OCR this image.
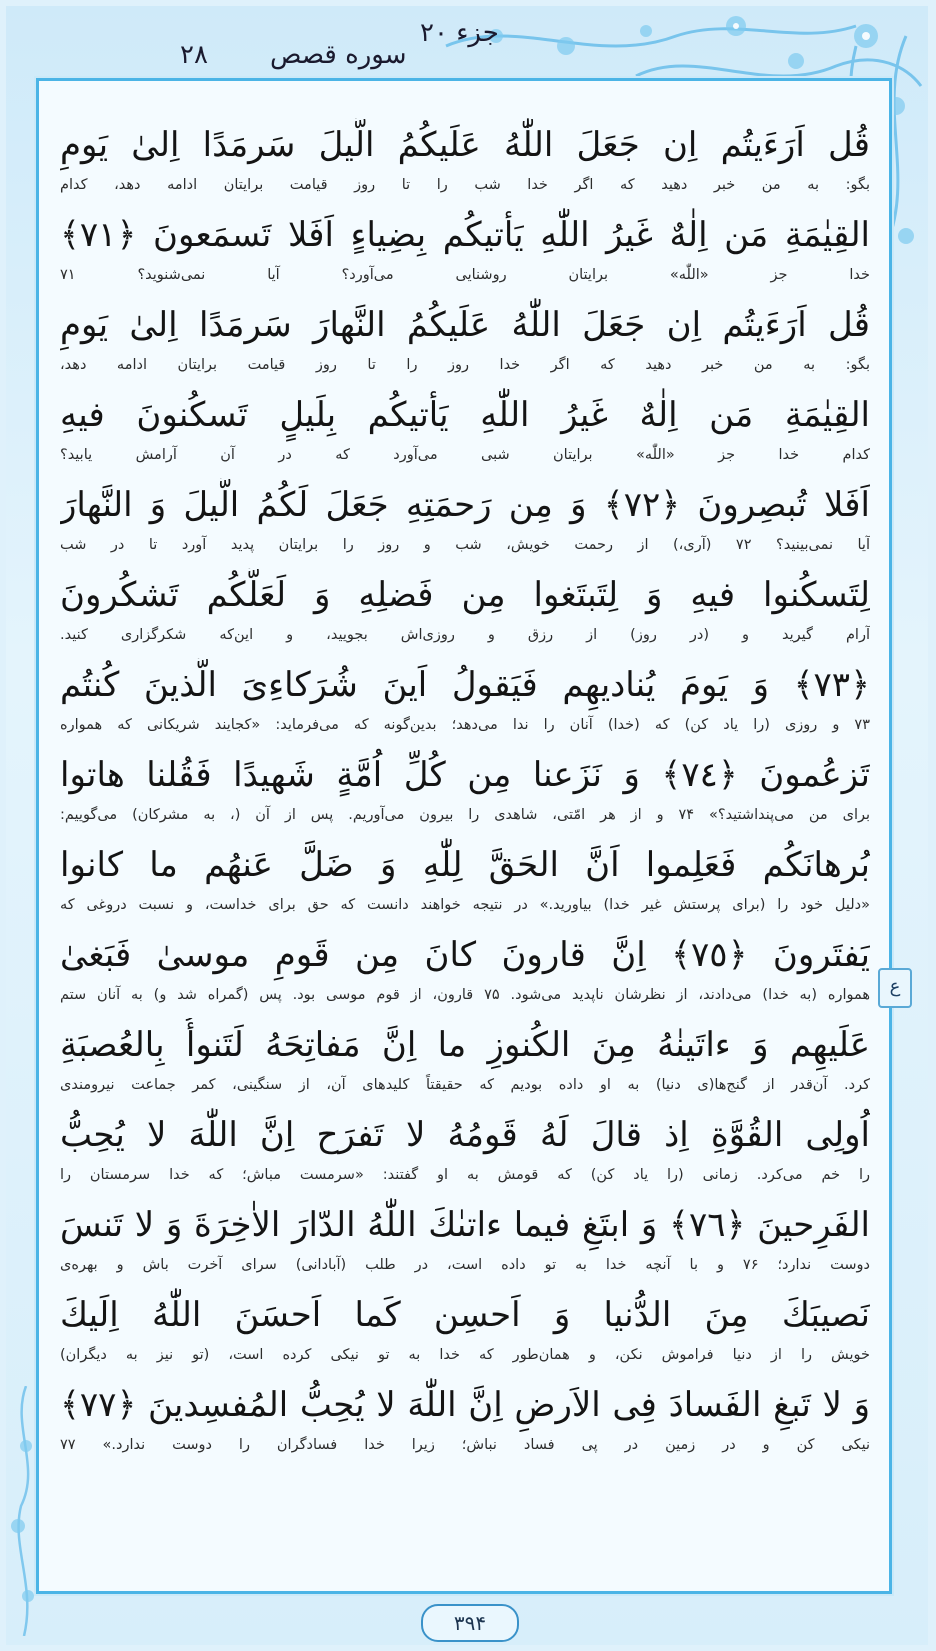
جزء ۲۰
سوره قصص
۲۸
قُل اَرَءَيتُم اِن جَعَلَ اللّٰهُ عَلَيكُمُ الَّيلَ سَرمَدًا اِلىٰ يَومِ
بگو: به من خبر دهید که اگر خدا شب را تا روز قیامت برایتان ادامه دهد، کدام
القِيٰمَةِ مَن اِلٰهٌ غَيرُ اللّٰهِ يَأتيكُم بِضِياءٍ اَفَلا تَسمَعونَ ﴿٧١﴾
خدا جز «اللّٰه» برایتان روشنایی می‌آورد؟ آیا نمی‌شنوید؟ ۷۱
قُل اَرَءَيتُم اِن جَعَلَ اللّٰهُ عَلَيكُمُ النَّهارَ سَرمَدًا اِلىٰ يَومِ
بگو: به من خبر دهید که اگر خدا روز را تا روز قیامت برایتان ادامه دهد،
القِيٰمَةِ مَن اِلٰهٌ غَيرُ اللّٰهِ يَأتيكُم بِلَيلٍ تَسكُنونَ فيهِ
کدام خدا جز «اللّٰه» برایتان شبی می‌آورد که در آن آرامش یابید؟
اَفَلا تُبصِرونَ ﴿٧٢﴾ وَ مِن رَحمَتِهِ جَعَلَ لَكُمُ الَّيلَ وَ النَّهارَ
آیا نمی‌بینید؟ ۷۲ (آری،) از رحمت خویش، شب و روز را برایتان پدید آورد تا در شب
لِتَسكُنوا فيهِ وَ لِتَبتَغوا مِن فَضلِهِ وَ لَعَلَّكُم تَشكُرونَ
آرام گیرید و (در روز) از رزق و روزی‌اش بجویید، و این‌که شکرگزاری کنید.
﴿٧٣﴾ وَ يَومَ يُناديهِم فَيَقولُ اَينَ شُرَكاءِىَ الَّذينَ كُنتُم
۷۳ و روزی (را یاد کن) که (خدا) آنان را ندا می‌دهد؛ بدین‌گونه که می‌فرماید: «کجایند شریکانی که همواره
تَزعُمونَ ﴿٧٤﴾ وَ نَزَعنا مِن كُلِّ اُمَّةٍ شَهيدًا فَقُلنا هاتوا
برای من می‌پنداشتید؟» ۷۴ و از هر امّتی، شاهدی را بیرون می‌آوریم. پس از آن (، به مشرکان) می‌گوییم:
بُرهانَكُم فَعَلِموا اَنَّ الحَقَّ لِلّٰهِ وَ ضَلَّ عَنهُم ما كانوا
«دلیل خود را (برای پرستش غیر خدا) بیاورید.» در نتیجه خواهند دانست که حق برای خداست، و نسبت دروغی که
يَفتَرونَ ﴿٧٥﴾ اِنَّ قارونَ كانَ مِن قَومِ موسىٰ فَبَغىٰ
همواره (به خدا) می‌دادند، از نظرشان ناپدید می‌شود. ۷۵ قارون، از قوم موسی بود. پس (گمراه شد و) به آنان ستم
عَلَيهِم وَ ءاتَينٰهُ مِنَ الكُنوزِ ما اِنَّ مَفاتِحَهُ لَتَنوأُ بِالعُصبَةِ
کرد. آن‌قدر از گنج‌ها(ی دنیا) به او داده بودیم که حقیقتاً کلیدهای آن، از سنگینی، کمر جماعت نیرومندی
اُولِى القُوَّةِ اِذ قالَ لَهُ قَومُهُ لا تَفرَح اِنَّ اللّٰهَ لا يُحِبُّ
را خم می‌کرد. زمانی (را یاد کن) که قومش به او گفتند: «سرمست مباش؛ که خدا سرمستان را
الفَرِحينَ ﴿٧٦﴾ وَ ابتَغِ فيما ءاتىٰكَ اللّٰهُ الدّارَ الاٰخِرَةَ وَ لا تَنسَ
دوست ندارد؛ ۷۶ و با آنچه خدا به تو داده است، در طلب (آبادانی) سرای آخرت باش و بهره‌ی
نَصيبَكَ مِنَ الدُّنيا وَ اَحسِن كَما اَحسَنَ اللّٰهُ اِلَيكَ
خویش را از دنیا فراموش نکن، و همان‌طور که خدا به تو نیکی کرده است، (تو نیز به دیگران)
وَ لا تَبغِ الفَسادَ فِى الاَرضِ اِنَّ اللّٰهَ لا يُحِبُّ المُفسِدينَ ﴿٧٧﴾
نیکی کن و در زمین در پی فساد نباش؛ زیرا خدا فسادگران را دوست ندارد.» ۷۷
ع
۳۹۴
